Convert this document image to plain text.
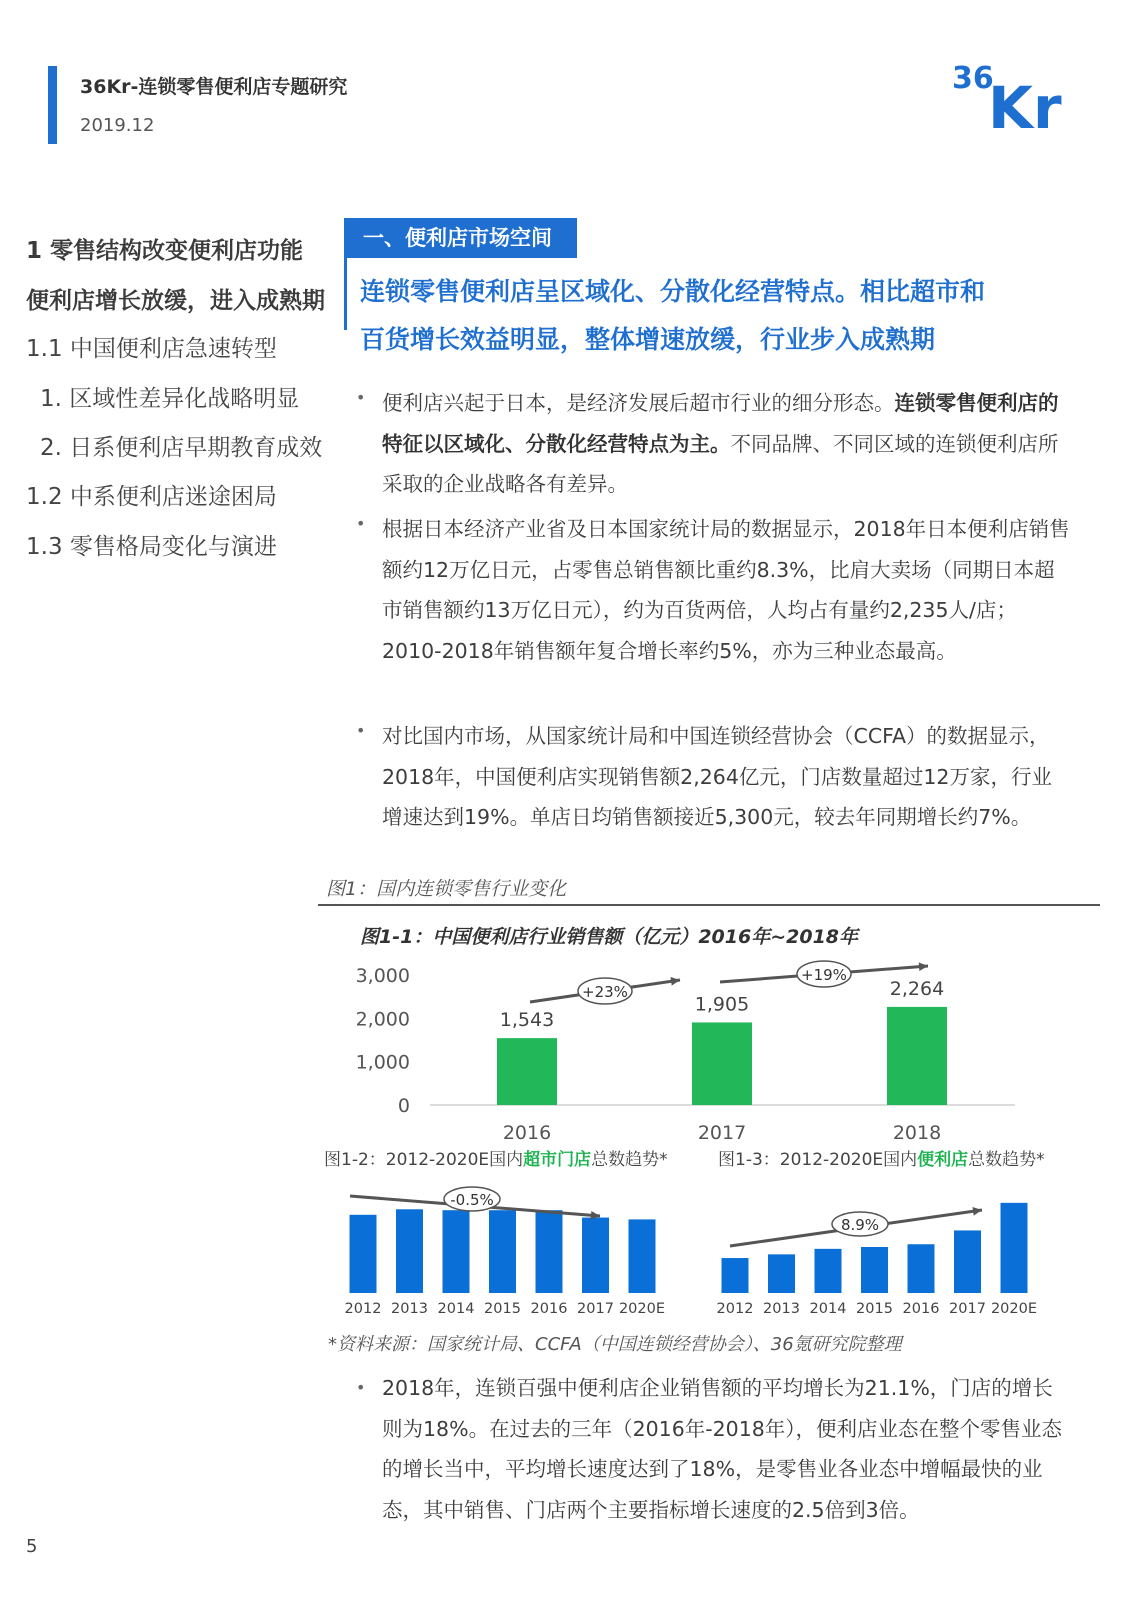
36Kr-连锁零售便利店专题研究
2019.12
36
Kr
1 零售结构改变便利店功能
便利店增长放缓，进入成熟期
1.1 中国便利店急速转型
1. 区域性差异化战略明显
2. 日系便利店早期教育成效
1.2 中系便利店迷途困局
1.3 零售格局变化与演进
一、便利店市场空间
连锁零售便利店呈区域化、分散化经营特点。相比超市和
百货增长效益明显，整体增速放缓，行业步入成熟期
• 便利店兴起于日本，是经济发展后超市行业的细分形态。连锁零售便利店的特征以区域化、分散化经营特点为主。不同品牌、不同区域的连锁便利店所采取的企业战略各有差异。
• 根据日本经济产业省及日本国家统计局的数据显示，2018年日本便利店销售额约12万亿日元，占零售总销售额比重约8.3%，比肩大卖场（同期日本超市销售额约13万亿日元），约为百货两倍，人均占有量约2,235人/店；2010-2018年销售额年复合增长率约5%，亦为三种业态最高。
• 对比国内市场，从国家统计局和中国连锁经营协会（CCFA）的数据显示，2018年，中国便利店实现销售额2,264亿元，门店数量超过12万家，行业增速达到19%。单店日均销售额接近5,300元，较去年同期增长约7%。
图1：国内连锁零售行业变化
图1-1：中国便利店行业销售额（亿元）2016年~2018年
0
1,000
2,000
3,000
1,543
2016
1,905
2017
2,264
2018
+23%
+19%
图1-2：2012-2020E国内超市门店总数趋势*	图1-3：2012-2020E国内便利店总数趋势*
2012 2013 2014 2015 2016 2017 2020E
-0.5%
2012 2013 2014 2015 2016 2017 2020E
8.9%
*资料来源：国家统计局、CCFA（中国连锁经营协会）、36氪研究院整理
• 2018年，连锁百强中便利店企业销售额的平均增长为21.1%，门店的增长则为18%。在过去的三年（2016年-2018年），便利店业态在整个零售业态的增长当中，平均增长速度达到了18%，是零售业各业态中增幅最快的业态，其中销售、门店两个主要指标增长速度的2.5倍到3倍。
5
